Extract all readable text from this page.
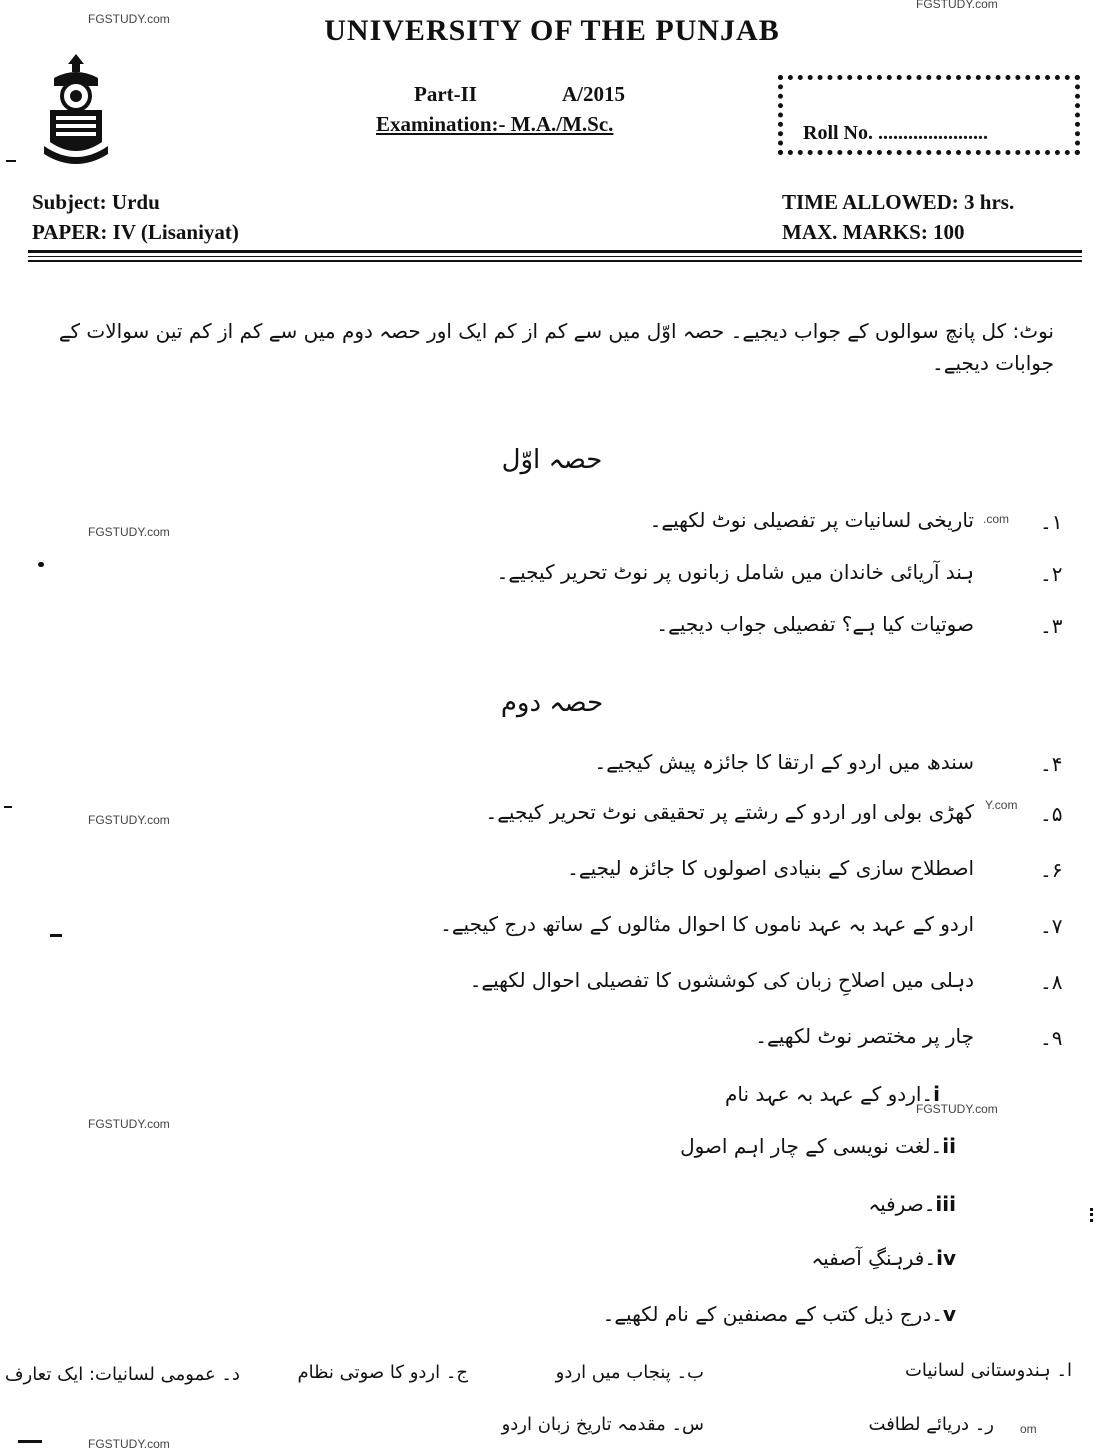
FGSTUDY.com
FGSTUDY.com
FGSTUDY.com
FGSTUDY.com
FGSTUDY.com
FGSTUDY.com
.com
Y.com
FGSTUDY.com
om
UNIVERSITY OF THE PUNJAB
Part-II	A/2015
Examination:- M.A./M.Sc.	Roll No. ......................
Subject: Urdu
PAPER: IV (Lisaniyat)
TIME ALLOWED: 3 hrs.
MAX. MARKS: 100
نوٹ: کل پانچ سوالوں کے جواب دیجیے۔ حصہ اوّل میں سے کم از کم ایک اور حصہ دوم میں سے کم از کم تین سوالات کے جوابات دیجیے۔
حصہ اوّل
۱۔
تاریخی لسانیات پر تفصیلی نوٹ لکھیے۔
۲۔
ہند آریائی خاندان میں شامل زبانوں پر نوٹ تحریر کیجیے۔
۳۔
صوتیات کیا ہے؟ تفصیلی جواب دیجیے۔
حصہ دوم
۴۔
سندھ میں اردو کے ارتقا کا جائزہ پیش کیجیے۔
۵۔
کھڑی بولی اور اردو کے رشتے پر تحقیقی نوٹ تحریر کیجیے۔
۶۔
اصطلاح سازی کے بنیادی اصولوں کا جائزہ لیجیے۔
۷۔
اردو کے عہد بہ عہد ناموں کا احوال مثالوں کے ساتھ درج کیجیے۔
۸۔
دہلی میں اصلاحِ زبان کی کوششوں کا تفصیلی احوال لکھیے۔
۹۔
چار پر مختصر نوٹ لکھیے۔
i۔اردو کے عہد بہ عہد نام
ii۔لغت نویسی کے چار اہم اصول
iii۔صرفیہ
iv۔فرہنگِ آصفیہ
v۔درج ذیل کتب کے مصنفین کے نام لکھیے۔
ا۔ ہندوستانی لسانیات
ب۔ پنجاب میں اردو
ج۔ اردو کا صوتی نظام
د۔ عمومی لسانیات: ایک تعارف
ر۔ دریائے لطافت
س۔ مقدمہ تاریخ زبان اردو
